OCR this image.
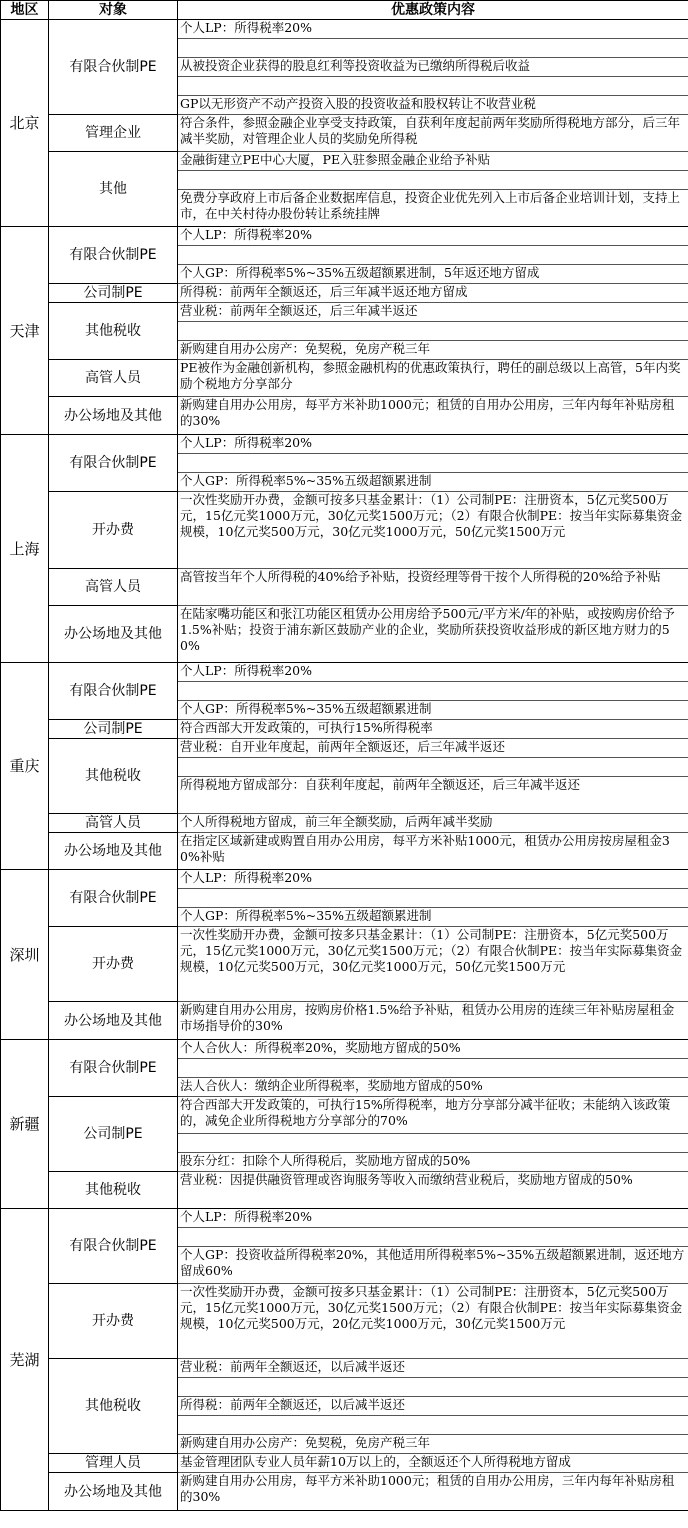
地区	对象	优惠政策内容
北京	有限合伙制PE	个人LP：所得税率20%

		从被投资企业获得的股息红利等投资收益为已缴纳所得税后收益

		GP以无形资产不动产投资入股的投资收益和股权转让不收营业税
	管理企业	符合条件，参照金融企业享受支持政策，自获利年度起前两年奖励所得税地方部分，后三年减半奖励，对管理企业人员的奖励免所得税
	其他	金融街建立PE中心大厦，PE入驻参照金融企业给予补贴

		免费分享政府上市后备企业数据库信息，投资企业优先列入上市后备企业培训计划，支持上市，在中关村待办股份转让系统挂牌
天津	有限合伙制PE	个人LP：所得税率20%

		个人GP：所得税率5%~35%五级超额累进制，5年返还地方留成
	公司制PE	所得税：前两年全额返还，后三年减半返还地方留成
	其他税收	营业税：前两年全额返还，后三年减半返还

		新购建自用办公房产：免契税，免房产税三年
	高管人员	PE被作为金融创新机构，参照金融机构的优惠政策执行，聘任的副总级以上高管，5年内奖励个税地方分享部分
	办公场地及其他	新购建自用办公用房，每平方米补助1000元；租赁的自用办公用房，三年内每年补贴房租的30%
上海	有限合伙制PE	个人LP：所得税率20%

		个人GP：所得税率5%~35%五级超额累进制
	开办费	一次性奖励开办费，金额可按多只基金累计：（1）公司制PE：注册资本，5亿元奖500万元，15亿元奖1000万元，30亿元奖1500万元；（2）有限合伙制PE：按当年实际募集资金规模，10亿元奖500万元，30亿元奖1000万元，50亿元奖1500万元
	高管人员	高管按当年个人所得税的40%给予补贴，投资经理等骨干按个人所得税的20%给予补贴
	办公场地及其他	在陆家嘴功能区和张江功能区租赁办公用房给予500元/平方米/年的补贴，或按购房价给予1.5%补贴；投资于浦东新区鼓励产业的企业，奖励所获投资收益形成的新区地方财力的50%
重庆	有限合伙制PE	个人LP：所得税率20%

		个人GP：所得税率5%~35%五级超额累进制
	公司制PE	符合西部大开发政策的，可执行15%所得税率
	其他税收	营业税：自开业年度起，前两年全额返还，后三年减半返还

		所得税地方留成部分：自获利年度起，前两年全额返还，后三年减半返还
	高管人员	个人所得税地方留成，前三年全额奖励，后两年减半奖励
	办公场地及其他	在指定区域新建或购置自用办公用房，每平方米补贴1000元，租赁办公用房按房屋租金30%补贴
深圳	有限合伙制PE	个人LP：所得税率20%

		个人GP：所得税率5%~35%五级超额累进制
	开办费	一次性奖励开办费，金额可按多只基金累计：（1）公司制PE：注册资本，5亿元奖500万元，15亿元奖1000万元，30亿元奖1500万元；（2）有限合伙制PE：按当年实际募集资金规模，10亿元奖500万元，30亿元奖1000万元，50亿元奖1500万元
	办公场地及其他	新购建自用办公用房，按购房价格1.5%给予补贴，租赁办公用房的连续三年补贴房屋租金市场指导价的30%
新疆	有限合伙制PE	个人合伙人：所得税率20%，奖励地方留成的50%

		法人合伙人：缴纳企业所得税率，奖励地方留成的50%
	公司制PE	符合西部大开发政策的，可执行15%所得税率，地方分享部分减半征收；未能纳入该政策的，减免企业所得税地方分享部分的70%

		股东分红：扣除个人所得税后，奖励地方留成的50%
	其他税收	营业税：因提供融资管理或咨询服务等收入而缴纳营业税后，奖励地方留成的50%
芜湖	有限合伙制PE	个人LP：所得税率20%

		个人GP：投资收益所得税率20%，其他适用所得税率5%~35%五级超额累进制，返还地方留成60%
	开办费	一次性奖励开办费，金额可按多只基金累计：（1）公司制PE：注册资本，5亿元奖500万元，15亿元奖1000万元，30亿元奖1500万元；（2）有限合伙制PE：按当年实际募集资金规模，10亿元奖500万元，20亿元奖1000万元，30亿元奖1500万元
	其他税收	营业税：前两年全额返还，以后减半返还

		所得税：前两年全额返还，以后减半返还

		新购建自用办公房产：免契税，免房产税三年
	管理人员	基金管理团队专业人员年薪10万以上的，全额返还个人所得税地方留成
	办公场地及其他	新购建自用办公用房，每平方米补助1000元；租赁的自用办公用房，三年内每年补贴房租的30%
